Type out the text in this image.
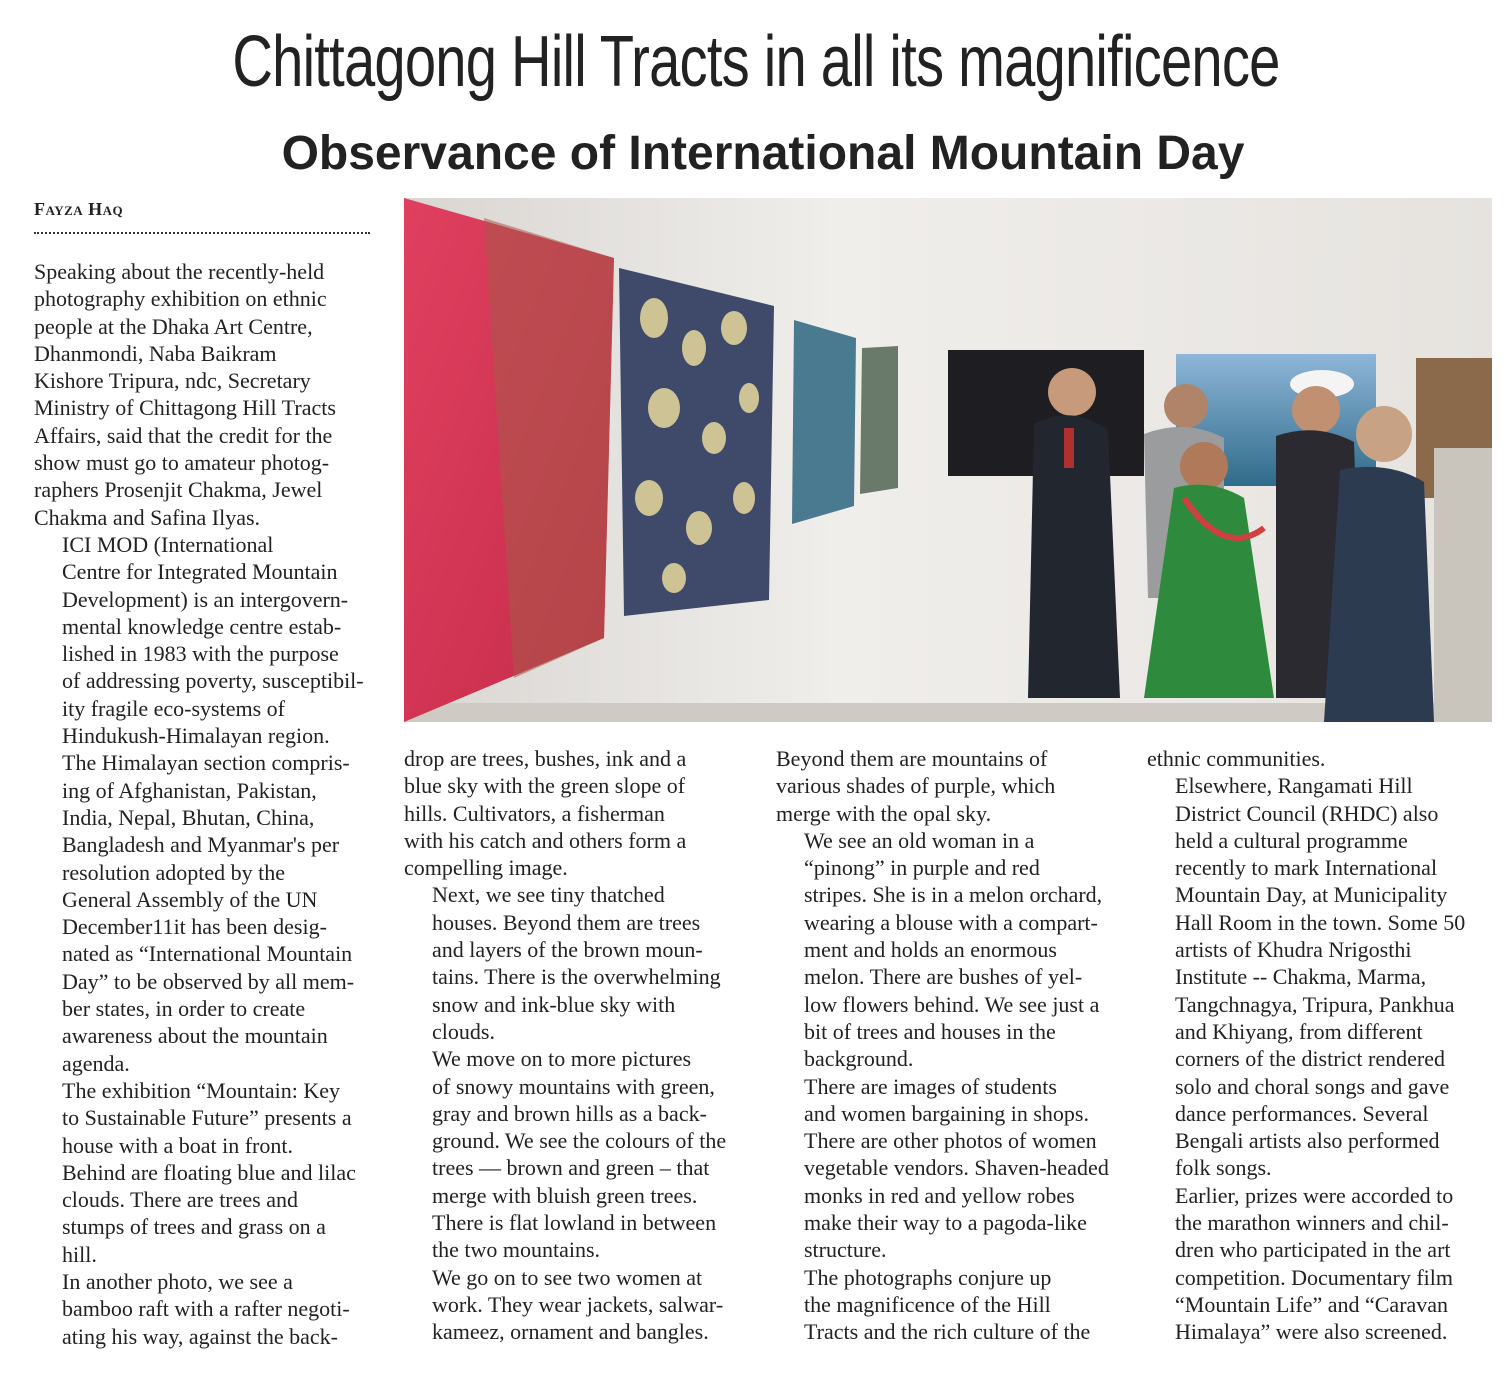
Chittagong Hill Tracts in all its magnificence
Observance of International Mountain Day
Fayza Haq

Speaking about the recently-held
photography exhibition on ethnic
people at the Dhaka Art Centre,
Dhanmondi, Naba Baikram
Kishore Tripura, ndc, Secretary
Ministry of Chittagong Hill Tracts
Affairs, said that the credit for the
show must go to amateur photog-
raphers Prosenjit Chakma, Jewel
Chakma and Safina Ilyas.

ICI MOD (International
Centre for Integrated Mountain
Development) is an intergovern-
mental knowledge centre estab-
lished in 1983 with the purpose
of addressing poverty, susceptibil-
ity fragile eco-systems of
Hindukush-Himalayan region.
The Himalayan section compris-
ing of Afghanistan, Pakistan,
India, Nepal, Bhutan, China,
Bangladesh and Myanmar's per
resolution adopted by the
General Assembly of the UN
December11it has been desig-
nated as “International Mountain
Day” to be observed by all mem-
ber states, in order to create
awareness about the mountain
agenda.

The exhibition “Mountain: Key
to Sustainable Future” presents a
house with a boat in front.
Behind are floating blue and lilac
clouds. There are trees and
stumps of trees and grass on a
hill.

In another photo, we see a
bamboo raft with a rafter negoti-
ating his way, against the back-

drop are trees, bushes, ink and a
blue sky with the green slope of
hills. Cultivators, a fisherman
with his catch and others form a
compelling image.

Next, we see tiny thatched
houses. Beyond them are trees
and layers of the brown moun-
tains. There is the overwhelming
snow and ink-blue sky with
clouds.

We move on to more pictures
of snowy mountains with green,
gray and brown hills as a back-
ground. We see the colours of the
trees — brown and green – that
merge with bluish green trees.
There is flat lowland in between
the two mountains.

We go on to see two women at
work. They wear jackets, salwar-
kameez, ornament and bangles.

Beyond them are mountains of
various shades of purple, which
merge with the opal sky.

We see an old woman in a
“pinong” in purple and red
stripes. She is in a melon orchard,
wearing a blouse with a compart-
ment and holds an enormous
melon. There are bushes of yel-
low flowers behind. We see just a
bit of trees and houses in the
background.

There are images of students
and women bargaining in shops.
There are other photos of women
vegetable vendors. Shaven-headed
monks in red and yellow robes
make their way to a pagoda-like
structure.

The photographs conjure up
the magnificence of the Hill
Tracts and the rich culture of the

ethnic communities.

Elsewhere, Rangamati Hill
District Council (RHDC) also
held a cultural programme
recently to mark International
Mountain Day, at Municipality
Hall Room in the town. Some 50
artists of Khudra Nrigosthi
Institute -- Chakma, Marma,
Tangchnagya, Tripura, Pankhua
and Khiyang, from different
corners of the district rendered
solo and choral songs and gave
dance performances. Several
Bengali artists also performed
folk songs.

Earlier, prizes were accorded to
the marathon winners and chil-
dren who participated in the art
competition. Documentary film
“Mountain Life” and “Caravan
Himalaya” were also screened.
